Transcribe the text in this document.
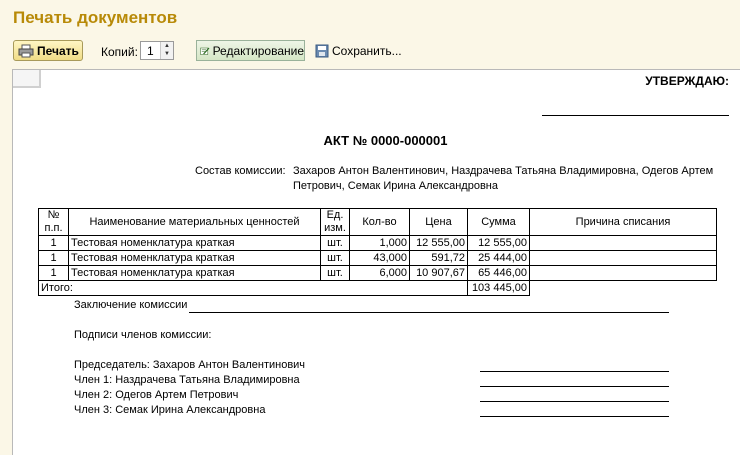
Печать документов
Печать Копий: 1	▲
▼	Редактирование Сохранить...
УТВЕРЖДАЮ:
АКТ № 0000-000001
Состав комиссии: Захаров Антон Валентинович, Наздрачева Татьяна Владимировна, Одегов Артем
Петрович, Семак Ирина Александровна
№ п.п.	Наименование материальных ценностей	Ед. изм.	Кол-во	Цена	Сумма	Причина списания
1	Тестовая номенклатура краткая	шт.	1,000	12 555,00	12 555,00	
1	Тестовая номенклатура краткая	шт.	43,000	591,72	25 444,00	
1	Тестовая номенклатура краткая	шт.	6,000	10 907,67	65 446,00	
Итого:					103 445,00	
Заключение комиссии
Подписи членов комиссии:
Председатель: Захаров Антон Валентинович
Член 1: Наздрачева Татьяна Владимировна
Член 2: Одегов Артем Петрович
Член 3: Семак Ирина Александровна
